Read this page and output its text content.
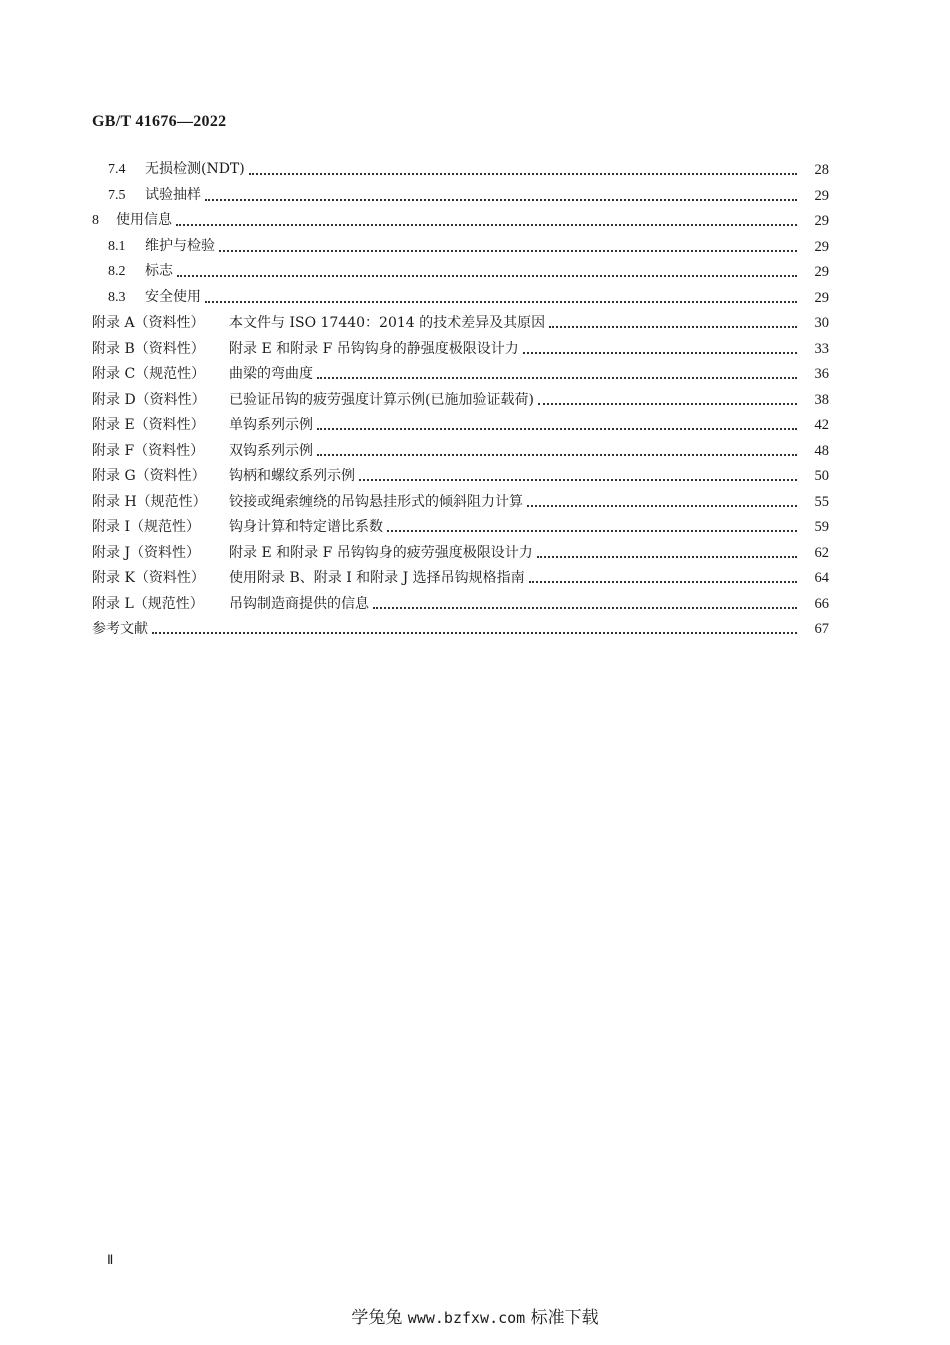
GB/T 41676—2022
7.4 无损检测(NDT)	28
7.5 试验抽样	29
8 使用信息	29
8.1 维护与检验	29
8.2 标志	29
8.3 安全使用	29
附录 A（资料性） 本文件与 ISO 17440：2014 的技术差异及其原因	30
附录 B（资料性） 附录 E 和附录 F 吊钩钩身的静强度极限设计力	33
附录 C（规范性） 曲梁的弯曲度	36
附录 D（资料性） 已验证吊钩的疲劳强度计算示例(已施加验证载荷)	38
附录 E（资料性） 单钩系列示例	42
附录 F（资料性） 双钩系列示例	48
附录 G（资料性） 钩柄和螺纹系列示例	50
附录 H（规范性） 铰接或绳索缠绕的吊钩悬挂形式的倾斜阻力计算	55
附录 I（规范性） 钩身计算和特定谱比系数	59
附录 J（资料性） 附录 E 和附录 F 吊钩钩身的疲劳强度极限设计力	62
附录 K（资料性） 使用附录 B、附录 I 和附录 J 选择吊钩规格指南	64
附录 L（规范性） 吊钩制造商提供的信息	66
参考文献	67
Ⅱ
学兔兔 www.bzfxw.com 标准下载
